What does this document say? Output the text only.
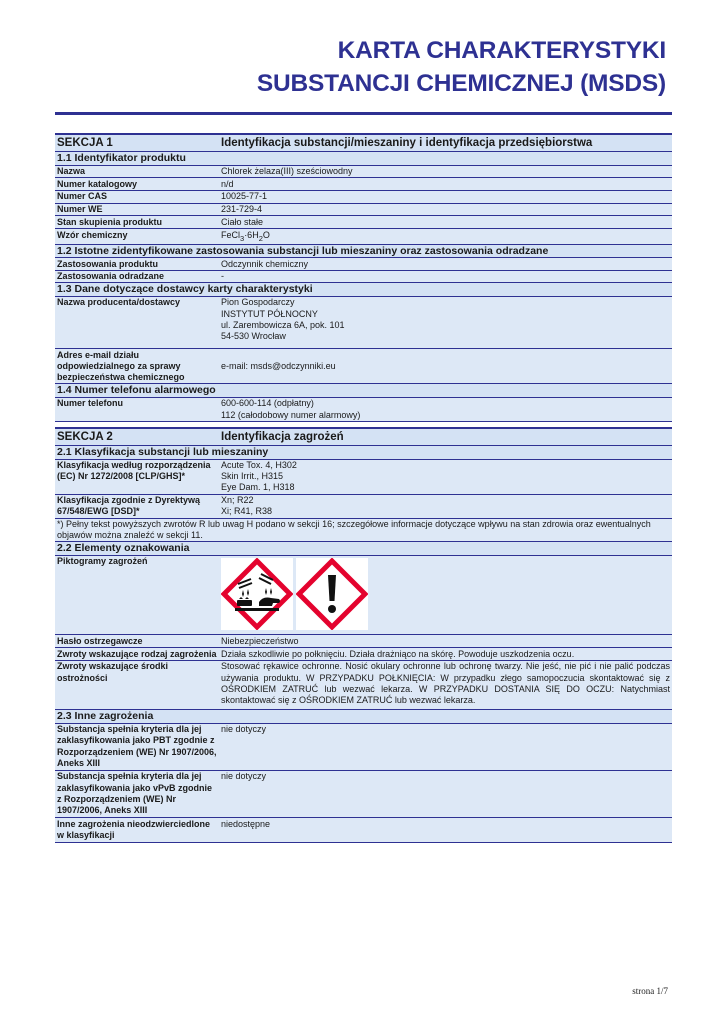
KARTA CHARAKTERYSTYKI
SUBSTANCJI CHEMICZNEJ (MSDS)
SEKCJA 1	Identyfikacja substancji/mieszaniny i identyfikacja przedsiębiorstwa
1.1 Identyfikator produktu	
Nazwa	Chlorek żelaza(III) sześciowodny
Numer katalogowy	n/d
Numer CAS	10025-77-1
Numer WE	231-729-4
Stan skupienia produktu	Ciało stałe
Wzór chemiczny	$FeCl_3\cdot 6H_2O$
1.2 Istotne zidentyfikowane zastosowania substancji lub mieszaniny oraz zastosowania odradzane	
Zastosowania produktu	Odczynnik chemiczny
Zastosowania odradzane	-
1.3 Dane dotyczące dostawcy karty charakterystyki	
Nazwa producenta/dostawcy	Pion Gospodarczy
INSTYTUT PÓŁNOCNY
ul. Zarembowicza 6A, pok. 101
54-530 Wrocław
Adres e-mail działu odpowiedzialnego za sprawy bezpieczeństwa chemicznego	e-mail: msds@odczynniki.eu
1.4 Numer telefonu alarmowego	
Numer telefonu	600-600-114 (odpłatny)
112 (całodobowy numer alarmowy)
SEKCJA 2	Identyfikacja zagrożeń
2.1 Klasyfikacja substancji lub mieszaniny	
Klasyfikacja według rozporządzenia (EC) Nr 1272/2008 [CLP/GHS]*	Acute Tox. 4, H302
Skin Irrit., H315
Eye Dam. 1, H318
Klasyfikacja zgodnie z Dyrektywą 67/548/EWG [DSD]*	Xn; R22
Xi; R41, R38
*) Pełny tekst powyższych zwrotów R lub uwag H podano w sekcji 16; szczegółowe informacje dotyczące wpływu na stan zdrowia oraz ewentualnych objawów można znaleźć w sekcji 11.	
2.2 Elementy oznakowania	
Piktogramy zagrożeń	

Hasło ostrzegawcze	Niebezpieczeństwo
Zwroty wskazujące rodzaj zagrożenia	Działa szkodliwie po połknięciu. Działa drażniąco na skórę. Powoduje uszkodzenia oczu.
Zwroty wskazujące środki ostrożności	Stosować rękawice ochronne. Nosić okulary ochronne lub ochronę twarzy. Nie jeść, nie pić i nie palić podczas używania produktu. W PRZYPADKU POŁKNIĘCIA: W przypadku złego samopoczucia skontaktować się z OŚRODKIEM ZATRUĆ lub wezwać lekarza. W PRZYPADKU DOSTANIA SIĘ DO OCZU: Natychmiast skontaktować się z OŚRODKIEM ZATRUĆ lub wezwać lekarza.
2.3 Inne zagrożenia	
Substancja spełnia kryteria dla jej zaklasyfikowania jako PBT zgodnie z Rozporządzeniem (WE) Nr 1907/2006, Aneks XIII	nie dotyczy
Substancja spełnia kryteria dla jej zaklasyfikowania jako vPvB zgodnie z Rozporządzeniem (WE) Nr 1907/2006, Aneks XIII	nie dotyczy
Inne zagrożenia nieodzwierciedlone w klasyfikacji	niedostępne
strona 1/7
